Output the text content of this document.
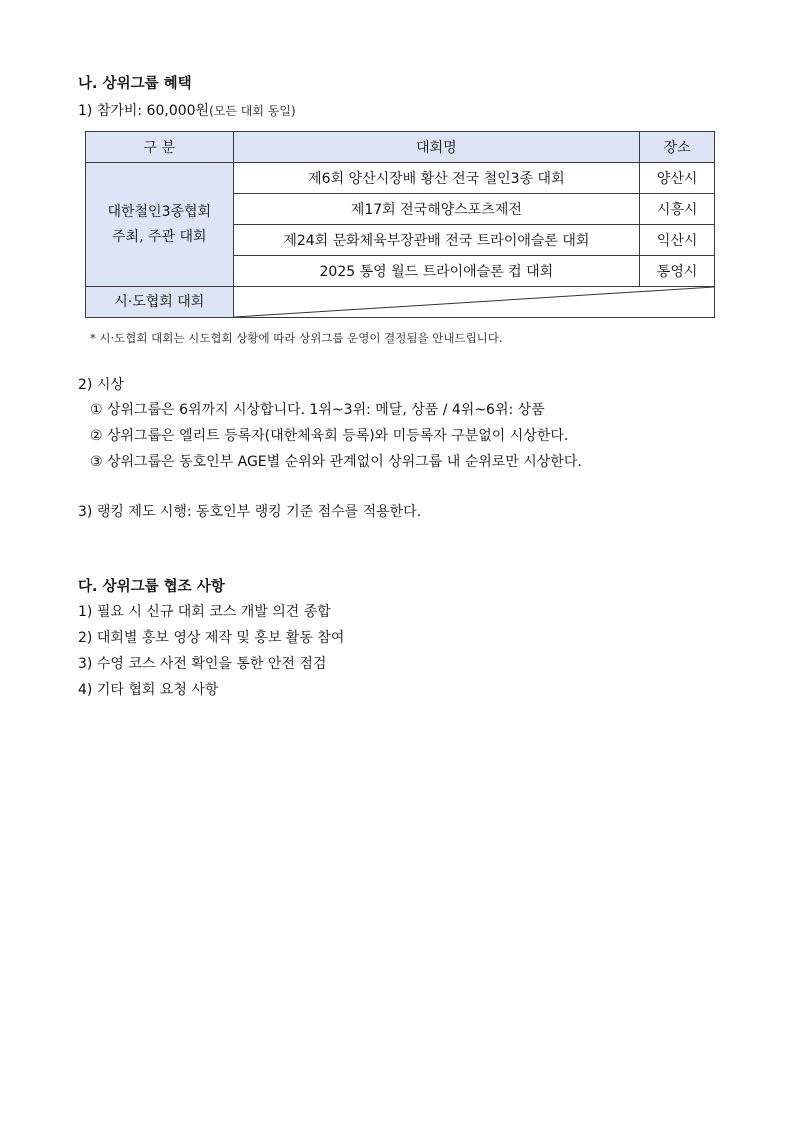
나. 상위그룹 혜택
1) 참가비: 60,000원(모든 대회 동일)
구 분	대회명	장소

대한철인3종협회
주최, 주관 대회	제6회 양산시장배 황산 전국 철인3종 대회	양산시
	제17회 전국해양스포츠제전	시흥시
	제24회 문화체육부장관배 전국 트라이애슬론 대회	익산시
	2025 통영 월드 트라이애슬론 컵 대회	통영시
시·도협회 대회	
* 시·도협회 대회는 시도협회 상황에 따라 상위그룹 운영이 결정됨을 안내드립니다.
2) 시상
① 상위그룹은 6위까지 시상합니다. 1위~3위: 메달, 상품 / 4위~6위: 상품
② 상위그룹은 엘리트 등록자(대한체육회 등록)와 미등록자 구분없이 시상한다.
③ 상위그룹은 동호인부 AGE별 순위와 관계없이 상위그룹 내 순위로만 시상한다.
3) 랭킹 제도 시행: 동호인부 랭킹 기준 점수를 적용한다.
다. 상위그룹 협조 사항
1) 필요 시 신규 대회 코스 개발 의견 종합
2) 대회별 홍보 영상 제작 및 홍보 활동 참여
3) 수영 코스 사전 확인을 통한 안전 점검
4) 기타 협회 요청 사항
